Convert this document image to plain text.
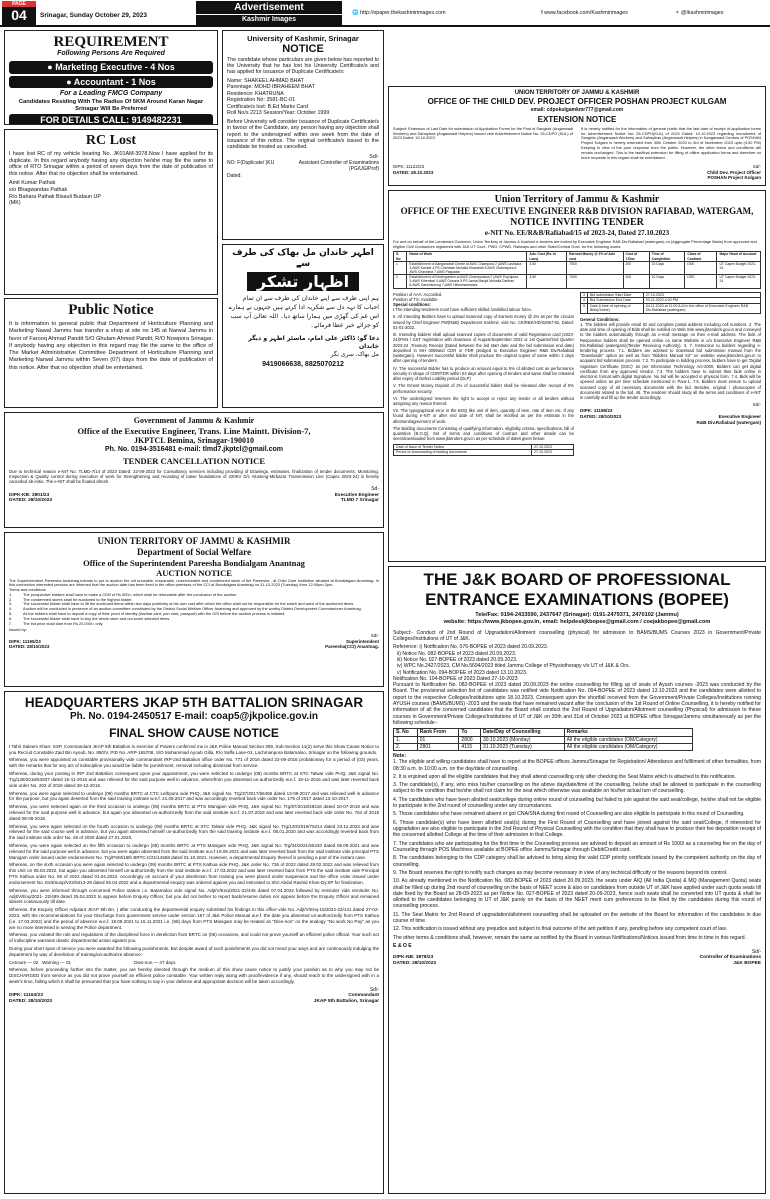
PAGE
04	Srinagar, Sunday October 29, 2023
Advertisement
Kashmir Images
🌐 http://epaper.thekashmirimages.com	f www.facebook.com/Kashmirimages	✦ @Ikashmirimages
REQUIREMENT
Following Persons Are Required
● Marketing Executive - 4 Nos
● Accountant - 1 Nos
For a Leading FMCG Company
Candidates Residing With The Radius Of 5KM Around Karan Nagar Srinagar Will Be Preferred
FOR DETAILS CALL: 9149482231
RC Lost
I have lost RC of my vehicle bearing No. JK01AM-3078.Now I have applied for its duplicate. In this regard anybody having any objection he/she may file the same to office of RTO Srinagar within a period of seven days from the date of publication of this notice. After that no objection shall be entertained.
Amit Kumar Pathak
s/o Bhagwandas Pathak
R/o Bahara Pathak Bisauli Budaun UP
(MK)
Public Notice
It is information to general public that Department of Horticulture Planning and Marketing Nawal Jammu has transfer a shop at site no 145 at Narwal Jammu in favor of Farooq Ahmad Pandit S/O Ghulam Ahmed Pandit, R/O Nowpora Srinagar. If anybody having any objection in this regard may file the same to the office of The Market Administrative Committee Department of Horticulture Planning and Marketing Narwal Jammu within Seven (07) days from the date of publication of this notice. After that no objection shall be entertained.
University of Kashmir, Srinagar
NOTICE
The candidate whose particulars are given below has reported to the University that he has lost his University Certificate/s and has applied for issuance of Duplicate Certificate/s:
Name: SHAKEEL AHMAD BHAT
Parentage: MOHD IBRAHEEM BHAT
Residence: KHATRUNA
Registration No: 3581-BC-01
Certificate/s lost: B.Ed Marks Card
Roll No/s 2213 Session/Year: October 1999
Before University will consider issuance of Duplicate Certificate/s in favour of the Candidate, any person having any objection shall report to the undersigned within one week from the date of issuance of this notice. The original certificate/s issued to the candidate be treated as cancelled.
Sd/-
NO: F(Duplicate/ )KU	Assistant Controller of Examinations (PG/UG/Prof)
Dated:
اطہر خاندان مل بھاک کی طرف سے
اظہار تشکر
ہم اپنی طرف سے اپنے خاندان کی طرف سے ان تمام احباب کا تہہ دل سے شکریہ ادا کرتے ہیں جنہوں نے ہمارے اس غم کی گھڑی میں ہمارا ساتھ دیا۔ اللہ تعالیٰ آپ سب کو جزائے خیر عطا فرمائے۔
دعا گو: ڈاکٹر علی امام، ماسٹر اطہر و دیگر خاندان
مل بھاک، سری نگر
9419066638, 8825070212
Government of Jammu & Kashmir
Office of the Executive Engineer, Trans. Line Maintt. Division-7,
JKPTCL Bemina, Srinagar-190010
Ph. No. 0194-3516481 e-mail: tlmd7.jkptcl@gmail.com
TENDER CANCELLATION NOTICE
Due to technical reason e-NIT No. TLMD-7/14 of 2023 Dated: 22-08-2023 for Consultancy services including providing of Drawings, estimates, finalization of tender documents, Monitoring, Inspection & Quality control during execution of work for Strengthening and recasting of tower foundations of 220KV D/c Alusteng-Mirbazar Transmission Line (Capex 2023-24) is hereby cancelled ab-initio. The e-NIT shall be floated afresh.
Sd-
DIPK-KB: 3801/23	Executive Engineer
DATED: 28/10/2023	TLMD 7 Srinagar
UNION TERRITORY OF JAMMU & KASHMIR
Department of Social Welfare
Office of the Superintendent Pareesha Bondialgam Anantnag
AUCTION NOTICE
The Superintendent Pareesha Anantnag intends to put to auction the old unusable, irreparable, unserviceable and condemned stock of the Pareesha , at Child Care Institution situated at Bondialgam Anantnag. In this connection interested persons are informed that the auction date has been fixed in the office premises of the CCI at Bondialgam Anantnag on 31-10-2023 (Tuesday) from 12:00pm-2pm.
Terms and conditions
1.	The prospective bidders shall have to make a CDR of Rs 500/= which shall be refundable after the conclusion of the auction.
2.	The condemned stores shall be auctioned to the highest bidder.
3.	The successful bidder shall have to lift the auctioned items within two days positively at his own cost after which the office shall not be responsible for the watch and ward of the auctioned items.
4.	Auction will be conducted in presence of an auction committee constituted by the District Social Welfare Officer Anantnag and approved by the worthy District Development Commissioner Anantnag.
5.	All the bidders shall have to deposit a copy of their proof of identity (Aadhar card, pan card, passport) with the O/S before the auction process is initiated.
6.	The successful bidder shall have to buy the whole store and not some selected items.
7.	The bid price shall start from Rs 20,000/= only.
Issued by:
Sd/-
DIPK: 11195/23	Superintendent
DATED: 28/10/2023	Pareesha(CCI) Anantnag.
HEADQUARTERS JKAP 5TH BATTALION SRINAGAR
Ph. No. 0194-2450517 E-mail: coap5@jkpolice.gov.in
FINAL SHOW CAUSE NOTICE

I Tahir Saleem Khan- SSP, Commandant JKAP 5th Battalion in exercise of Powers conferred me in J&K Police Manual Section 359, Sub-Section 11(2) serve this Show Cause Notice to you Recruit Constable Zaid Bin Ayoub, No. 850/V, PID No. ARP-165708, S/O Mohammad Ayoub Gilla, R/o Saffa Lane-01, Lachmanpora Batamaloo, Srinagar on the following grounds.

Whereas, you were appointed as constable provisionally vide commandant IRP-2nd Battalion office order No. 771 of 2016 dated 22-09-2016 probationary for a period of (03) years, with the remarks that for any act of indiscipline you would be liable for punishment, removal including dismissal from service.

Whereas, during your posting in IRP 2nd Battalion consequent upon your appointment, you were selected to undergo (09) months BRTC at STC Talwar vide PHQ, J&K signal No. Trg/128/2016/63937 dated 15-11-2016 and was relieved for the said purpose well in advance, wherefrom you absented un-authorizedly w.e.f. 18-11-2016 and was later reverted back vide order No. 202 of 2016 dated 28-12-2016.

Whereas, you were again selected to undergo (09) months BRTC at CTC Lethpora vide PHQ, J&K signal No. Trg/37/2017/66456 dated 13-09-2017 and was relieved well in advance for the purpose, but you again deserted from the said training institute w.e.f. 21.09.2017 and was accordingly reverted back vide order No. 179 of 2017 dated 13-10-2017.

Whereas, you were selected again on the third occasion to undergo (09) months BRTC at PTS Manigam vide PHQ, J&K signal No. Trg/87/2018/48216 dated 10-07-2018 and was relieved for the said purpose well in advance, but again you absented un-authorizedly from the said institute w.e.f. 21.07.2018 and was later reverted back vide order No. 764 of 2018 dated 08-08-2018.

Whereas, you were again selected on the fourth occasion to undergo (09) months BRTC at STC Talwar vide PHQ, J&K signal No. Trg/120/2019/75214 dated 23.12.2023 and was relieved for the said course well in advance, but you again absented himself un-authorizedly from the said training institute w.e.f. 08.01.2020 and was accordingly reverted back from the said institute vide order No. 26 of 2020 dated 27.01.2020.

Whereas, you were again selected on the fifth occasion to undergo (09) months BRTC at PTS Manigam vide PHQ, J&K signal No. Trg/34/2021/55230 dated 06.09.2021 and was relieved for the said purpose well in advance, but you were again absented from the said institute w.e.f 19.09.2021 and was later reverted back from the said institute vide principal PTS Manigam order issued under endorsement No. Trg/PSM/15th BRTC-II/21/14568 dated 01.10.2021. However, a departmental Enquiry thereof is pending a part of the instant case.

Whereas, on the sixth occasion you were again selected to undergo (09) months BRTC at PTS Kathua vide PHQ, J&K order No. 736 of 2022 dated 28.02.2022 and was relieved from this Unit on 05.03.2022, but again you absented himself un-authorizedly from the said institute w.e.f. 17.03.2022 and was later reverted back from PTS the said institute vide Principal PTS Kathua order No. 59 of 2022 dated 01.04.2022. Accordingly on account of your dereliction from training you were placed under suspension and the office order issued under endorsement No. Estt/Susp/V22/6413-29 dated 05.04.2022 and a departmental enquiry was ordered against you and entrusted to Shri Abdul Rashid Khan-Dy.SP for finalization.

Whereas, you were informed through concerned Police station i.e. Batamaloo vide signal No. Adjt/V/Enq/2021-22/445 dated 07.04.2022 followed by reminder vide reminder No. Adjt/V/Enq/2021- 22/489 dated 25.04.2022 to appear before Enquiry Officer, but you did not bother to report back/resume duties nor appear before the Enquiry Officer and remained absent continuously till date.

Whereas, the Enquiry Officer Adjutant JKAP 5th Bn, ) after conducting the departmental enquiry submitted his findings to this office vide No. Adjt/V/Enq-15/2022-23/141 dated 27-02-2023, with the recommendations for your Discharge from government service under section 187 of J&K Police Manual w.e.f. the date you absented un-authorizedly from PTS Kathua (i.e. 17.03.2022) and the period of absence w.e.f. 19.09.2021 to 15.11.2021 i.e. (58) days from PTS Manigam may be treated as "Dies-non" on the analogy "No work No Pay" as you are no more interested in serving the Police department.

Whereas, you violated the rule and regulations of the disciplined force in dereliction from BRTC on (06) occasions, and could not prove yourself an efficient police official. Your such act of indiscipline warrants drastic departmental action against you.

During your short span of service you were awarded the following punishments. But despite award of such punishments you did not mend your ways and are continuously indulging the department by way of dereliction of training/un-authorize absence:-

Censure — 02   Warning — 01                                                  Dies-non — 47 days.

Whereas, before proceeding further into the matter, you are hereby directed through the medium of this show cause notice to justify your position as to why you may not be DISCHARGED from service as you did not prove yourself an efficient police constable. Your written reply along with proof/evidence if any, should reach to the undersigned with in a week's time, failing which it shall be presumed that you have nothing to say in your defense and appropriate decision will be taken accordingly.

Sd/-
DIPK: 11163/23	Commandant
DATED: 28/10/2023	JKAP 5th Battalion, Srinagar
UNION TERRITORY OF JAMMU & KASHMIR
OFFICE OF THE CHILD DEV. PROJECT OFFICER POSHAN PROJECT KULGAM
email: cdpokulgamkmr777@gmail.com
EXTENSION NOTICE

Subject: Extension of Last Date for submission of Application Forms for the Post of Sanginis (Anganwadi Workers) and Sahayikas (Anganwadi Helpers) issued vide Advertisement Notice No: 25-CDPO (KUL) of 2023 Dated: 10.10.2023

It is hereby notified for the information of general public that the last date of receipt of application forms for Advertisement Notice No: 25-CDPO(KUL) of 2023 Dated: 10.10.2023 regarding recruitment of Sanginis (Anganwadi Workers) and Sahayikas (Anganwadi Helpers) in Kangarwadi Centres of POSHAN Project Kulgam is hereby extended from 30th October 2023 to 3rd of November 2023 upto (4:30 PM) Keeping in view of the poor response from the public. However, the other terms and conditions will remain unchanged. This is the last/final extension for filling of offline application forms and therefore no more requests in this regard shall be entertained.

DIPK: 11122/23
DATED: 28.10.2023
Sd/-
Child Dev. Project Officer
POSHAN Project Kulgam
Union Territory of Jammu & Kashmir
OFFICE OF THE EXECUTIVE ENGINEER R&B DIVISION RAFIABAD, WATERGAM,
NOTICE INVITING TENDER
e-NIT No. EE/R&B/Rafiabad/15 of 2023-24, Dated 27.10.2023
For and on behalf of the Lieutenant Governor, Union Territory of Jammu & Kashmir e-tenders are invited by Executive Engineer R&B Div.Rafiabad (watergam) on (Aggregate Percentage Basis) from approved and eligible Civil Contractors registered with J&K UT Govt., PWD, CPWD, Railways and other State/Central Govt. for the following works:
S. No	Name of Work	Adv. Cost (Rs. In Lacs)	Earnest Money @ 2% of Adv. cost	Cost of T/Doc	Time of Completion	Class of Contract	Major Head of Account
1	Establishment of Aanganwadi Centre at AWC Champora 2 (AWS Lashkara 3,AWS Kanbal 4,PS Chemban Mohalla Kharabab 5 AWS Chamapora 6 AWS Chashima 7,AWS Paspadar	3.50	7000	200	10 Days	DEE	UT Capex Budget 2023-24
2	Establishment of Kindergarden at AWS Champorama 2 (AWS Pupulpora 3,AWS Kitrembal 4,AWS Oosona 5,PS Jamia Masjid Mohalla Darthan 6,AWS Gaeshkutung 7,AWS Hillanmashwara	3.50	7000	200	10 Days	DEE	UT Capex Budget 2023-24
Position of AAA: Accorded.
Position of TS: Available
Special conditions:

I.The intending tenderers must have sufficient skilled /unskilled labour force.

II. All intending Bidders have to upload Scanned copy of Earnest money @ 2% as per the circular issued by Chief Engineer PW(R&B) Department Kashmir, vide No. CE/RBK/HD/32857-92, Dated: 01-01-2022.

III. Intending bidders shall upload scanned copies of documents of valid Registration card (2023-24)/PAN / GST registration with clearance of August/September 2023 or 1st Quarter/2nd Quarter 2023-24 ,Treasury Receipt (Dated between the bid start date and the bid submission end date) deposited in MH 0059and CDR or FDR pledged to Executive Engineer R&B Div.Rafiabad (watergam). However successful bidder shall produce the original copies of same within 3 days after opening of tenders.

IV. The successful Bidder has to produce an amount equal to 5% of allotted cost as performance security in shape of CDR/FDR within 03 days after opening of tenders and same shall be released after expiry of Defect Liability period (DLP)

V. The Ernest Money Deposit of 2% of successful bidder shall be released after receipt of 5% performance security.

VI. The undersigned reserves the right to accept or reject any tender or all tenders without assigning any reason thereof.

VII. The typographical error in the BOQ like unit of item, quantity of item, rate of item etc. If any found during e-NIT or after end date of NIT, shall be rectified as per the estimate in the allotment/agreement of work.

The Bidding documents Consisting of qualifying information, eligibility criteria, specifications, bill of quantities (B.O.Q), Set of terms and conditions of contract and other details can be seen/downloaded from www.jktenders.gov.in as per schedule of dates given below:

Date of Issue of Tender Notice	27.10.2023
Period of downloading of bidding documents	27.10.2023
3	Bid submission Start Date	27.10.2023
4	Bid Submission End Date	03.11.2023 4.00 PM
5	Date & time of opening of Bids(Online)	04.11.2023 at 11:00 A.M in the office of Executive Engineer R&B Div.Rafiabad (watergam)
General Conditions:

1. The bidders will provide email ID and complete postal address including cell numbers. 2. The date and time of opening of Bids shall be notified on Web Site www.jktenders.gov.in and conveyed to the bidders automatically through an e-mail message on their e-mail address. The bids of Responsive bidders shall be opened online on same Website in o/o Executive Engineer R&B Div.Rafiabad (watergam)(Tender Receiving Authority). 3. 7. Instruction to bidders regarding e-tendering process. 7.1. Bidders are advised to download bid submission manual from the "Downloads" option as well as from "Bidders Manual Kit" on website www.jktenders.gov.in to acquaint bid submission process. 7.2. To participate in bidding process, bidders have to get 'Digital Signature Certificate (DSC)' as per Information Technology Act-2000. Bidders can get digital certificate from any approved Vendor. 7.3. The bidders have to submit their bids online in electronic format with digital Signature. No bid will be accepted in physical form. 7.4. Bids will be opened online as per time schedule mentioned in Para-1. 7.5. Bidders must ensure to upload scanned copy of all necessary documents with the bid. Besides, original / photocopies of documents related to the bid. 46. The tenderer should study all the terms and conditions of e-NIT in carefully and fill up the tender accordingly.

Sd/-
DIPK: 11196/23
DATED: 28/10/2023	Executive Engineer
R&B Div.Rafiabad (watergam)
THE J&K BOARD OF PROFESSIONAL ENTRANCE EXAMINATIONS (BOPEE)
Tele/Fax: 0194-2433590, 2437647 (Srinagar): 0191-2479371, 2470102 (Jammu)
website: https://www.jkbopee.gov.in, email: helpdeskjkbopee@gmail.com / coejakbopee@gmail.com

Subject:- Conduct of 2nd Round of Upgradation/Allotment counselling (physical) for admission to BAMS/BUMS Courses 2023 in Government/Private Colleges/Institutions of UT of J&K.

Reference: i) Notification No. 076-BOPEE of 2023 dated 20.09.2023.
ii) Notice No. 082-BOPEE of 2023 dated 20.09.2023.
iii) Notice No. 027-BOPEE of 2023 dated 20.09.2023.
iv) WPC No.2427/2023, CM No.5694/2023 titled Jammu College of Physiotherapy v/s UT of J&K & Ors.
v) Notification No. 094-BOPEE of 2023 dated 13.10.2023.
Notification No. 104-BOPEE of 2023 Dated 27-10-2023

Pursuant to Notification No. 082-BOPEE of 2023 dated 20.09.2023 the online counselling for filling up of seats of Ayush courses -2023 was conducted by the Board. The provisional selection list of candidates was notified vide Notification No. 094-BOPEE of 2023 dated 13.10.2023 and the candidates were allotted to report to the respective Colleges/Institutions upto 18.10.2023. Consequent upon the shortfall received from the Government/Private Colleges/Institutions running AYUSH courses (BAMS/BUMS) -2023 and the seats that have remained vacant after the conclusion of the 1st Round of Online Counselling, it is hereby notified for information of all the concerned candidates that the Board shall conduct the 2nd Round of Upgradation/Allotment counselling (Physical) for admission to these courses in Government/Private Colleges/Institutions of UT of J&K on 30th and 31st of October 2023 at BOPEE office Srinagar/Jammu simultaneously as per the following schedule:-

S. No	Rank From	To	Date/Day of Counselling	Remarks
1.	01	2800	30.10.2023 (Monday)	All the eligible candidates (OM/Category)
2.	2801	4115	31.10.2023 (Tuesday)	All the eligible candidates (OM/Category)
Note:

1. The eligible and willing candidates shall have to report at the BOPEE offices Jammu/Srinagar for Registration/ Attendance and fulfilment of other formalities, from 08:30 a.m. to 10:00 a.m. on the day/date of counselling.

2. It is enjoined upon all the eligible candidates that they shall attend counselling only after checking the Seat Matrix which is attached to this notification.

3. The candidate(s), if any, who miss his/her counselling on the above day/date/time of the counselling, he/she shall be allowed to participate in the counselling subject to the condition that he/she shall not claim for the seat which otherwise was available on his/her actual turn of counselling.

4. The candidates who have been allotted seat/college during online round of counselling but failed to join against the said seat/college, he/she shall not be eligible to participate in the 2nd round of counselling under any circumstances.

5. Those candidates who have remained absent or got CNA/SNA during first round of Counselling are also eligible to participate in this round of Counselling.

6. Those candidate(s) who have been allotted seat(s) during the First Round of Counselling and have joined against the said seat/College, if interested for upgradation are also eligible to participate in the 2nd Round of Physical Counselling with the condition that they shall have to produce their fee deposition receipt of the concerned allotted College at the time of their admission in that College.

7. The candidates who are participating for the first time in the Counseling process are advised to deposit an amount of Rs 1000/ as a counseling fee on the day of Counseling through POS Machines available at BOPEE office Jammu/Srinagar through Debit/Credit card.

8. The candidates belonging to the CDP category shall be advised to bring along the valid CDP priority certificate issued by the competent authority on the day of counselling.

9. The Board reserves the right to notify such changes as may become necessary in view of any technical difficulty or the reasons beyond its control.

10. As already mentioned in the Notification No. 082-BOPEE of 2023 dated 20.09.2023, the seats under AIQ (All India Quota) & MQ (Management Quota) seats shall be filled up during 2nd round of counselling on the basis of NEET score & also on candidates from outside UT of J&K have applied under such quota seats till date fixed by the Board as 28-09-2023 as per Notice No. 027-BOPEE of 2023 dated 20-09-2023, hence such seats shall be converted into UT quota & shall be allotted to the candidates belonging to UT of J&K purely on the basis of the NEET merit cum preferences to be filled by the candidates during this round of counselling process.

11. The Seat Matrix for 2nd Round of upgradation/allotment counselling shall be uploaded on the website of the Board for information of the candidates in due course of time.

12. This notification is issued without any prejudice and subject to final outcome of the writ petition if any, pending before any competent court of law.

The other terms & conditions shall, however, remain the same as notified by the Board in various Notifications/Notices issued from time to time in this regard.

E & O E
Sd/-
DIPK-NB: 3878/23	Controller of Examinations
DATED: 28/10/2023	J&K BOPEE
